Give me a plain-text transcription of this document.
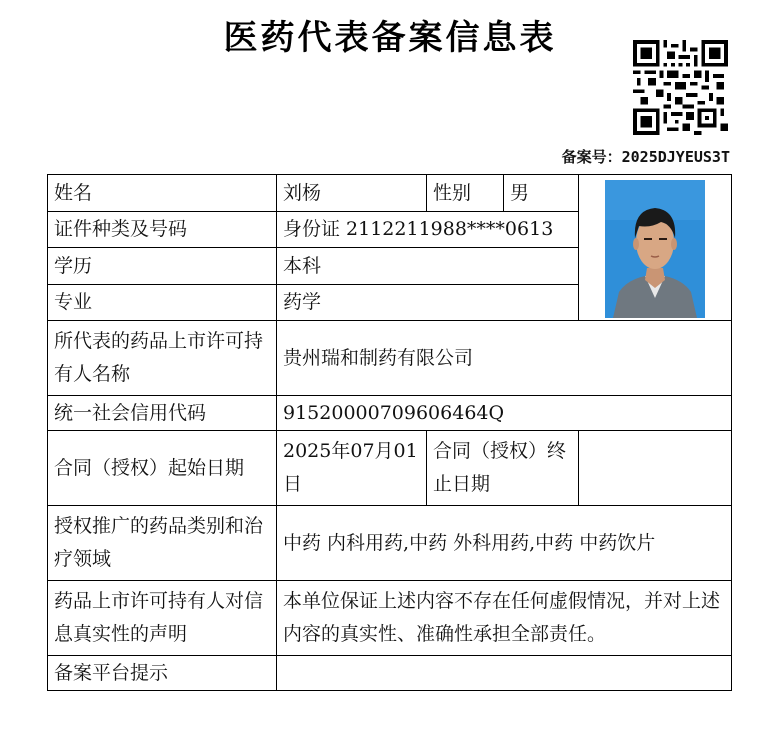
医药代表备案信息表
备案号：2025DJYEUS3T
姓名	刘杨	性别	男	

证件种类及号码	身份证 2112211988****0613			
学历	本科			
专业	药学			
所代表的药品上市许可持有人名称	贵州瑞和制药有限公司			
统一社会信用代码	91520000709606464Q			
合同（授权）起始日期	2025年07月01日	合同（授权）终止日期		
授权推广的药品类别和治疗领域	中药 内科用药,中药 外科用药,中药 中药饮片			
药品上市许可持有人对信息真实性的声明	本单位保证上述内容不存在任何虚假情况，并对上述内容的真实性、准确性承担全部责任。			
备案平台提示				
